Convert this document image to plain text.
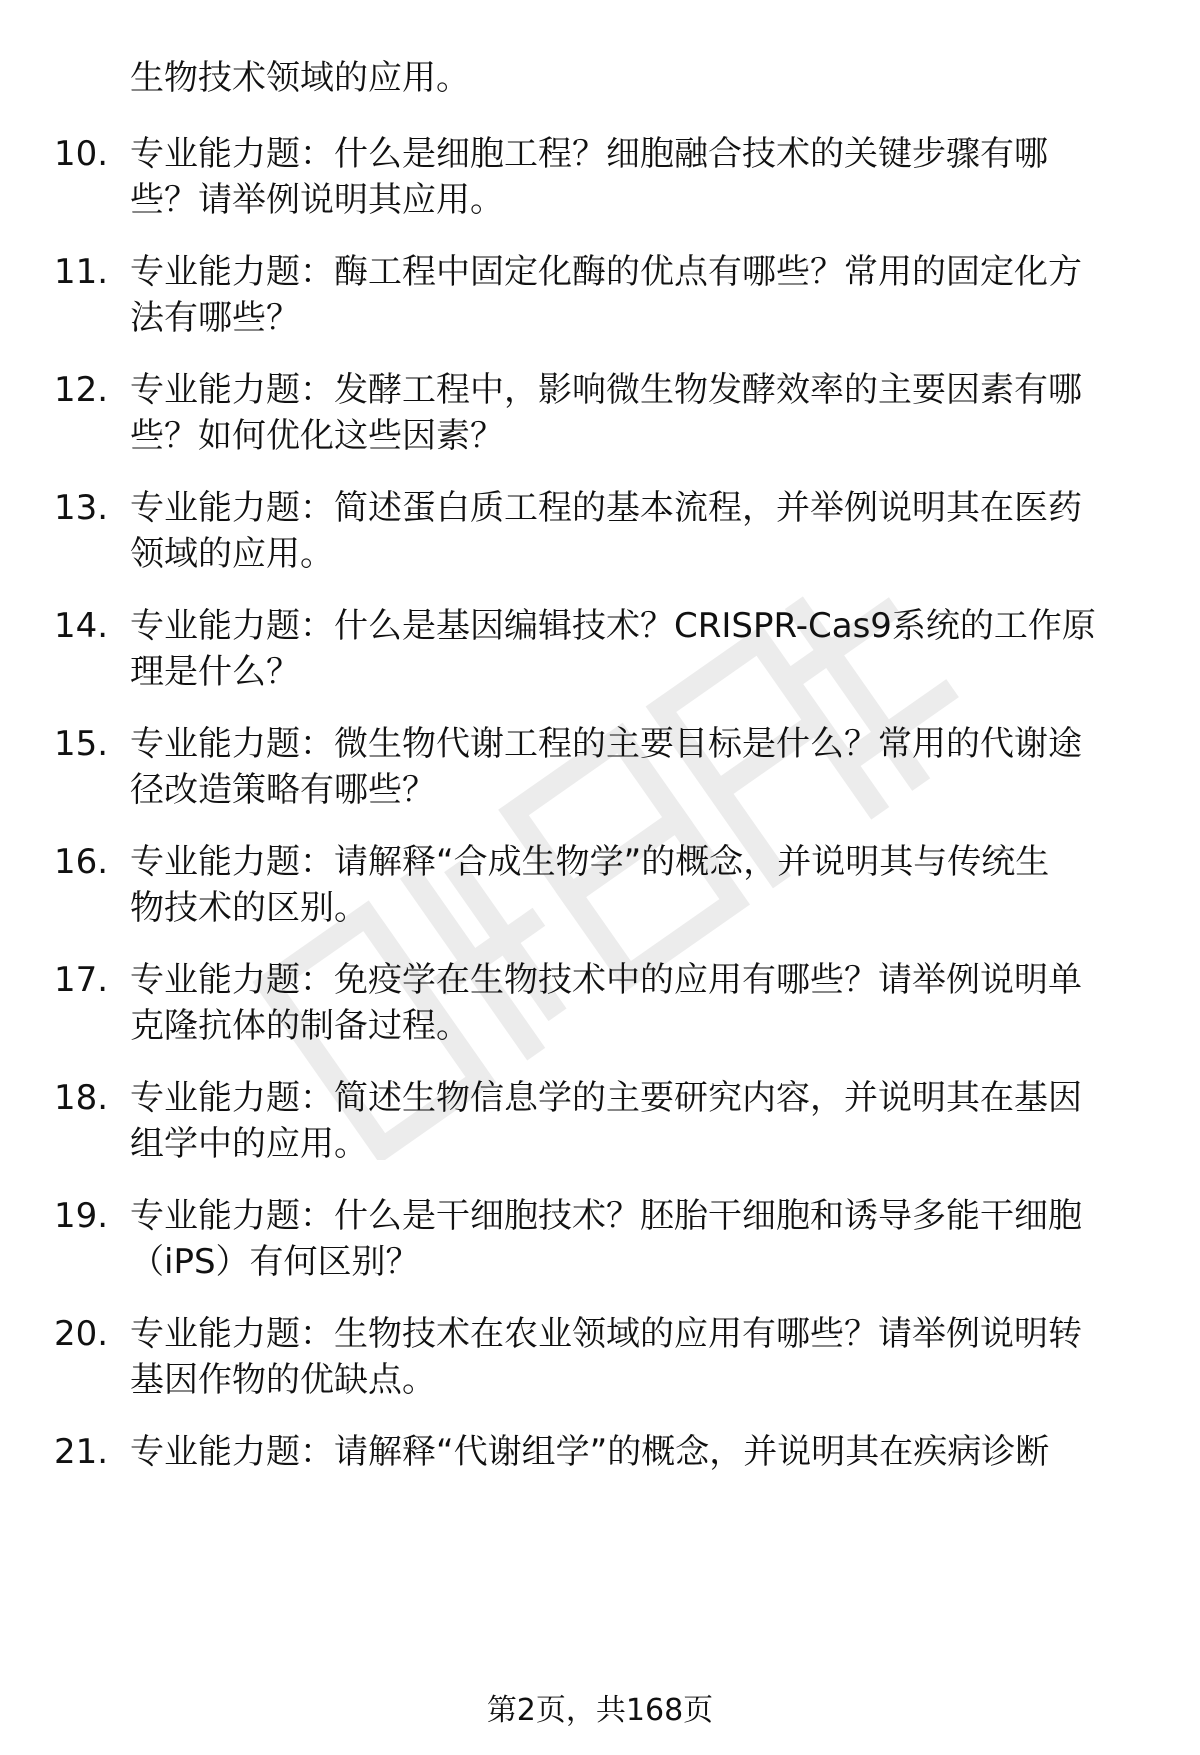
生物技术领域的应用。
10. 专业能力题：什么是细胞工程？细胞融合技术的关键步骤有哪
些？请举例说明其应用。
11. 专业能力题：酶工程中固定化酶的优点有哪些？常用的固定化方
法有哪些？
12. 专业能力题：发酵工程中，影响微生物发酵效率的主要因素有哪
些？如何优化这些因素？
13. 专业能力题：简述蛋白质工程的基本流程，并举例说明其在医药
领域的应用。
14. 专业能力题：什么是基因编辑技术？CRISPR-Cas9系统的工作原
理是什么？
15. 专业能力题：微生物代谢工程的主要目标是什么？常用的代谢途
径改造策略有哪些？
16. 专业能力题：请解释“合成生物学”的概念，并说明其与传统生
物技术的区别。
17. 专业能力题：免疫学在生物技术中的应用有哪些？请举例说明单
克隆抗体的制备过程。
18. 专业能力题：简述生物信息学的主要研究内容，并说明其在基因
组学中的应用。
19. 专业能力题：什么是干细胞技术？胚胎干细胞和诱导多能干细胞
（iPS）有何区别？
20. 专业能力题：生物技术在农业领域的应用有哪些？请举例说明转
基因作物的优缺点。
21. 专业能力题：请解释“代谢组学”的概念，并说明其在疾病诊断
第2页，共168页
